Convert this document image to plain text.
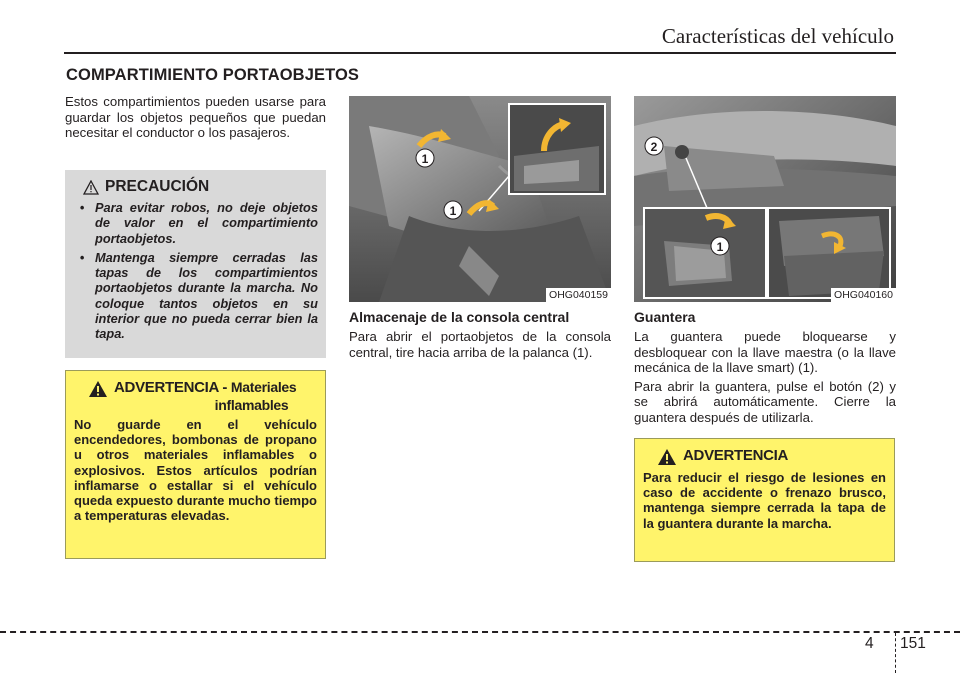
Características del vehículo
COMPARTIMIENTO PORTAOBJETOS

Estos compartimientos pueden usarse para guardar los objetos pequeños que puedan necesitar el conductor o los pasajeros.

PRECAUCIÓN
• Para evitar robos, no deje objetos de valor en el compartimiento portaobjetos.
• Mantenga siempre cerradas las tapas de los compartimientos portaobjetos durante la marcha. No coloque tantos objetos en su interior que no pueda cerrar bien la tapa.
ADVERTENCIA - Materiales
inflamables

No guarde en el vehículo encendedores, bombonas de propano u otros materiales inflamables o explosivos. Estos artículos podrían inflamarse o estallar si el vehículo queda expuesto durante mucho tiempo a temperaturas elevadas.

1
1
OHG040159
2
1
OHG040160
Almacenaje de la consola central

Para abrir el portaobjetos de la consola central, tire hacia arriba de la palanca (1).

Guantera

La guantera puede bloquearse y desbloquear con la llave maestra (o la llave mecánica de la llave smart) (1).

Para abrir la guantera, pulse el botón (2) y se abrirá automáticamente. Cierre la guantera después de utilizarla.

ADVERTENCIA

Para reducir el riesgo de lesiones en caso de accidente o frenazo brusco, mantenga siempre cerrada la tapa de la guantera durante la marcha.

4 151
